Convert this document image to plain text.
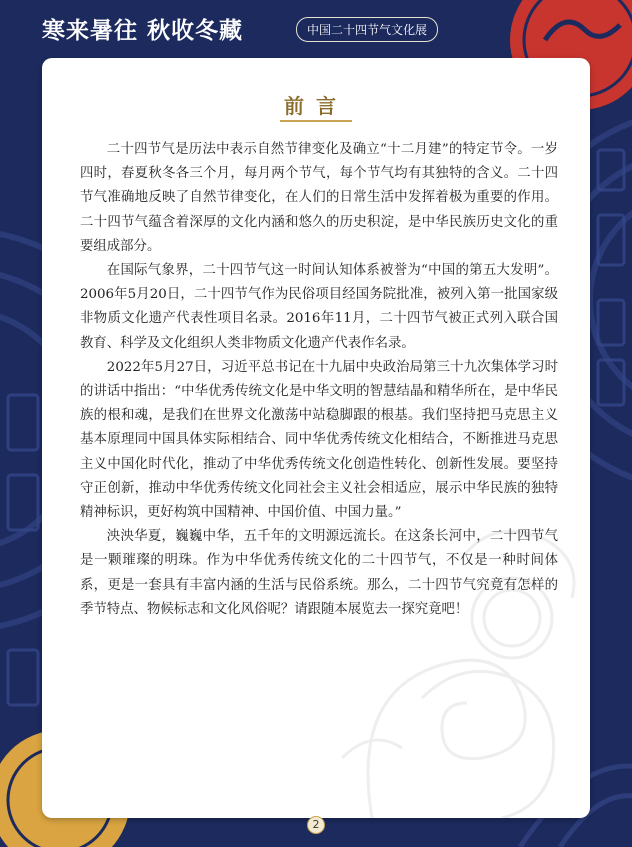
寒来暑往 秋收冬藏	中国二十四节气文化展
前言

二十四节气是历法中表示自然节律变化及确立“十二月建”的特定节令。一岁四时，春夏秋冬各三个月，每月两个节气，每个节气均有其独特的含义。二十四节气准确地反映了自然节律变化，在人们的日常生活中发挥着极为重要的作用。二十四节气蕴含着深厚的文化内涵和悠久的历史积淀，是中华民族历史文化的重要组成部分。

在国际气象界，二十四节气这一时间认知体系被誉为“中国的第五大发明”。2006年5月20日，二十四节气作为民俗项目经国务院批准，被列入第一批国家级非物质文化遗产代表性项目名录。2016年11月，二十四节气被正式列入联合国教育、科学及文化组织人类非物质文化遗产代表作名录。

2022年5月27日，习近平总书记在十九届中央政治局第三十九次集体学习时的讲话中指出：“中华优秀传统文化是中华文明的智慧结晶和精华所在，是中华民族的根和魂，是我们在世界文化激荡中站稳脚跟的根基。我们坚持把马克思主义基本原理同中国具体实际相结合、同中华优秀传统文化相结合，不断推进马克思主义中国化时代化，推动了中华优秀传统文化创造性转化、创新性发展。要坚持守正创新，推动中华优秀传统文化同社会主义社会相适应，展示中华民族的独特精神标识，更好构筑中国精神、中国价值、中国力量。”

泱泱华夏，巍巍中华，五千年的文明源远流长。在这条长河中，二十四节气是一颗璀璨的明珠。作为中华优秀传统文化的二十四节气，不仅是一种时间体系，更是一套具有丰富内涵的生活与民俗系统。那么，二十四节气究竟有怎样的季节特点、物候标志和文化风俗呢？请跟随本展览去一探究竟吧！

2
